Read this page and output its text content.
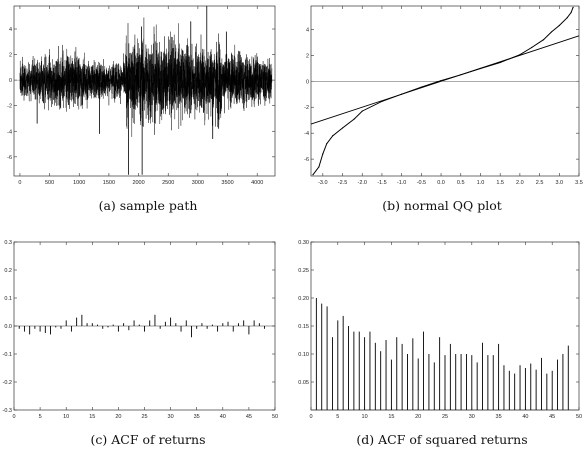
0	500	1000	1500	2000	2500	3000	3500	4000
-6
-4
-2
0
2
4
-3.0 -2.5 -2.0 -1.5 -1.0 -0.5 0.0 0.5 1.0 1.5 2.0 2.5 3.0 3.5
-6
-4
-2
0
2
4
0	5	10	15	20	25	30	35	40	45	50
-0.3
-0.2
-0.1
0.0
0.1
0.2
0.3
0	5	10	15	20	25	30	35	40	45	50
0.05
0.10
0.15
0.20
0.25
0.30
(a) sample path	(b) normal QQ plot
(c) ACF of returns	(d) ACF of squared returns
